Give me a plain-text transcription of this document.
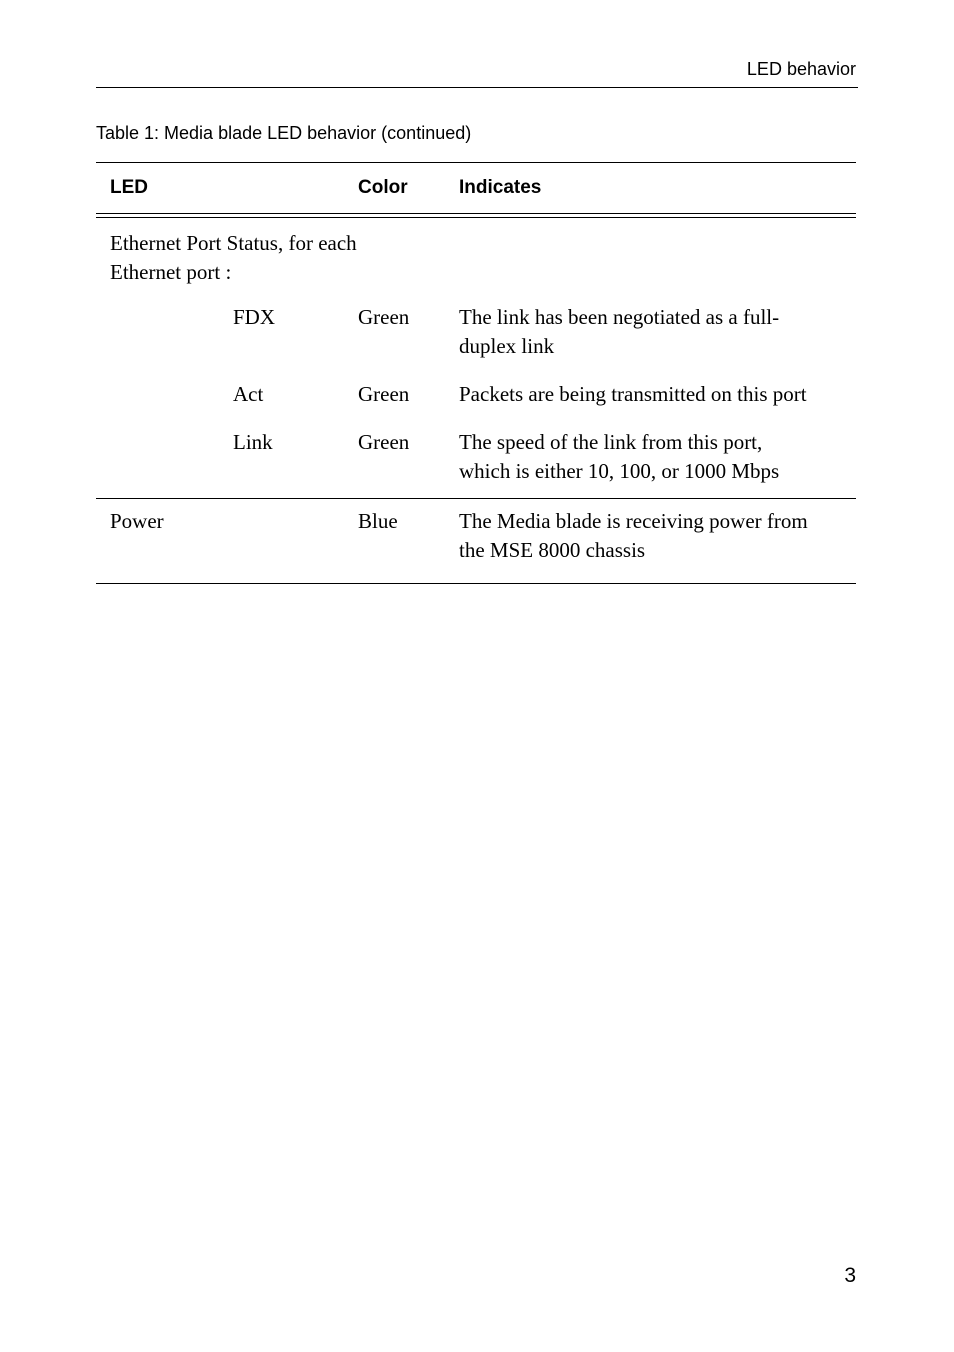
LED behavior
Table 1: Media blade LED behavior (continued)
LED	Color	Indicates
Ethernet Port Status, for each
Ethernet port :
FDX	Green The link has been negotiated as a full-
duplex link
Act	Green Packets are being transmitted on this port
Link	Green The speed of the link from this port,
which is either 10, 100, or 1000 Mbps
Power	Blue	The Media blade is receiving power from
the MSE 8000 chassis
3
